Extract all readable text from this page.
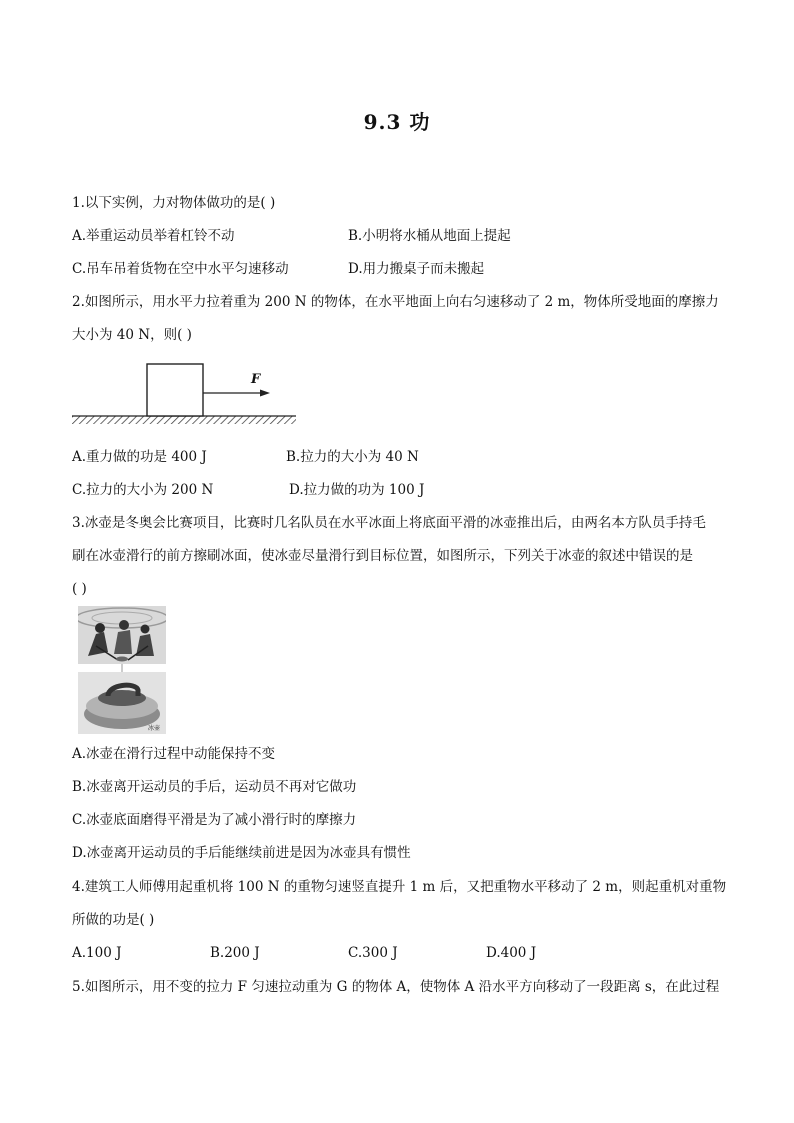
9.3 功
1.以下实例，力对物体做功的是( )
A.举重运动员举着杠铃不动	B.小明将水桶从地面上提起
C.吊车吊着货物在空中水平匀速移动	D.用力搬桌子而未搬起
2.如图所示，用水平力拉着重为 200 N 的物体，在水平地面上向右匀速移动了 2 m，物体所受地面的摩擦力
大小为 40 N，则( )
F
A.重力做的功是 400 J	B.拉力的大小为 40 N
C.拉力的大小为 200 N	D.拉力做的功为 100 J
3.冰壶是冬奥会比赛项目，比赛时几名队员在水平冰面上将底面平滑的冰壶推出后，由两名本方队员手持毛
刷在冰壶滑行的前方擦刷冰面，使冰壶尽量滑行到目标位置，如图所示，下列关于冰壶的叙述中错误的是
( )
冰壶
A.冰壶在滑行过程中动能保持不变
B.冰壶离开运动员的手后，运动员不再对它做功
C.冰壶底面磨得平滑是为了减小滑行时的摩擦力
D.冰壶离开运动员的手后能继续前进是因为冰壶具有惯性
4.建筑工人师傅用起重机将 100 N 的重物匀速竖直提升 1 m 后，又把重物水平移动了 2 m，则起重机对重物
所做的功是( )
A.100 J	B.200 J	C.300 J	D.400 J
5.如图所示，用不变的拉力 F 匀速拉动重为 G 的物体 A，使物体 A 沿水平方向移动了一段距离 s，在此过程
